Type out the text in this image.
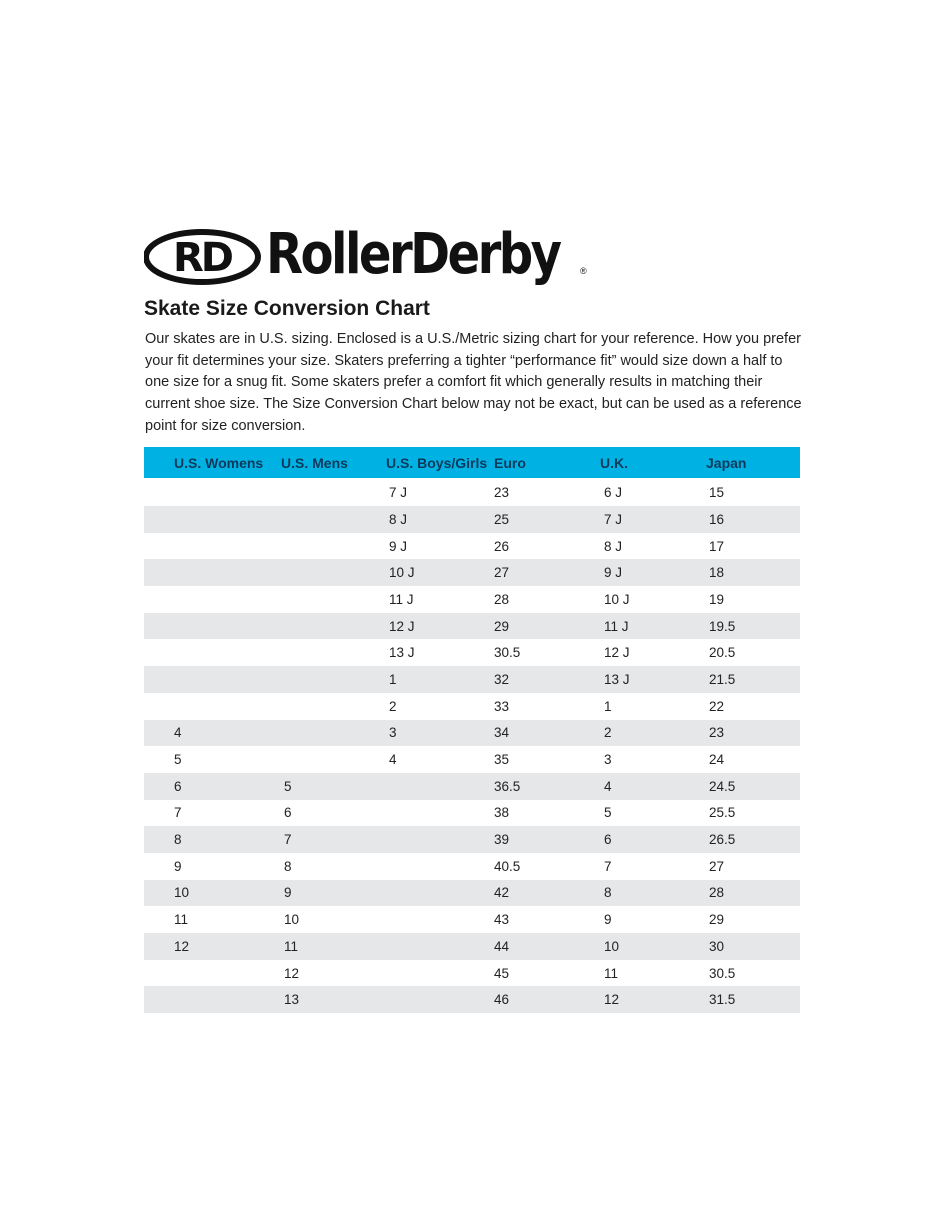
RD RollerDerby ®
Skate Size Conversion Chart

Our skates are in U.S. sizing. Enclosed is a U.S./Metric sizing chart for your reference. How you prefer your fit determines your size. Skaters preferring a tighter “performance fit” would size down a half to one size for a snug fit. Some skaters prefer a comfort fit which generally results in matching their current shoe size. The Size Conversion Chart below may not be exact, but can be used as a reference point for size conversion.

U.S. Womens	U.S. Mens	U.S. Boys/Girls	Euro	U.K.	Japan
		7 J	23	6 J	15
		8 J	25	7 J	16
		9 J	26	8 J	17
		10 J	27	9 J	18
		11 J	28	10 J	19
		12 J	29	11 J	19.5
		13 J	30.5	12 J	20.5
		1	32	13 J	21.5
		2	33	1	22
4		3	34	2	23
5		4	35	3	24
6	5		36.5	4	24.5
7	6		38	5	25.5
8	7		39	6	26.5
9	8		40.5	7	27
10	9		42	8	28
11	10		43	9	29
12	11		44	10	30
	12		45	11	30.5
	13		46	12	31.5
